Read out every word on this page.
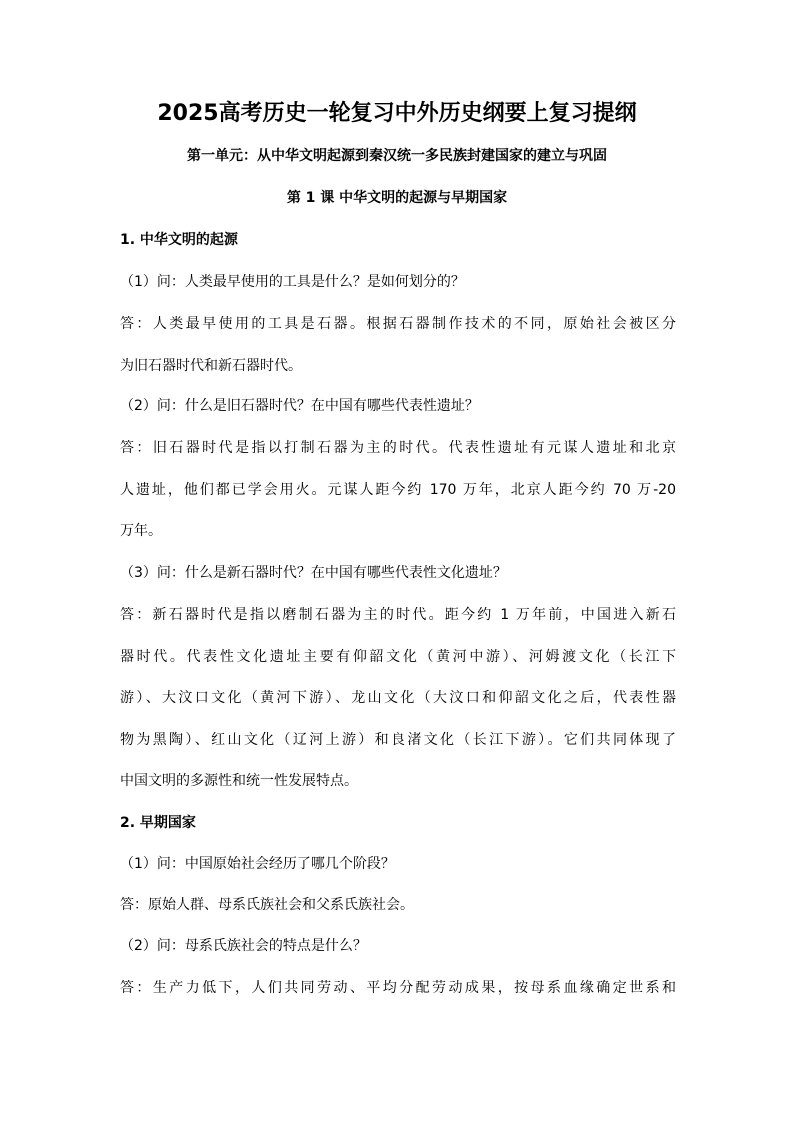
2025高考历史一轮复习中外历史纲要上复习提纲
第一单元：从中华文明起源到秦汉统一多民族封建国家的建立与巩固
第 1 课 中华文明的起源与早期国家
1. 中华文明的起源
（1）问：人类最早使用的工具是什么？是如何划分的？
答：人类最早使用的工具是石器。根据石器制作技术的不同，原始社会被区分
为旧石器时代和新石器时代。
（2）问：什么是旧石器时代？在中国有哪些代表性遗址？
答：旧石器时代是指以打制石器为主的时代。代表性遗址有元谋人遗址和北京
人遗址，他们都已学会用火。元谋人距今约 170 万年，北京人距今约 70 万-20
万年。
（3）问：什么是新石器时代？在中国有哪些代表性文化遗址？
答：新石器时代是指以磨制石器为主的时代。距今约 1 万年前，中国进入新石
器时代。代表性文化遗址主要有仰韶文化（黄河中游）、河姆渡文化（长江下
游）、大汶口文化（黄河下游）、龙山文化（大汶口和仰韶文化之后，代表性器
物为黑陶）、红山文化（辽河上游）和良渚文化（长江下游）。它们共同体现了
中国文明的多源性和统一性发展特点。
2. 早期国家
（1）问：中国原始社会经历了哪几个阶段？
答：原始人群、母系氏族社会和父系氏族社会。
（2）问：母系氏族社会的特点是什么？
答：生产力低下，人们共同劳动、平均分配劳动成果，按母系血缘确定世系和
